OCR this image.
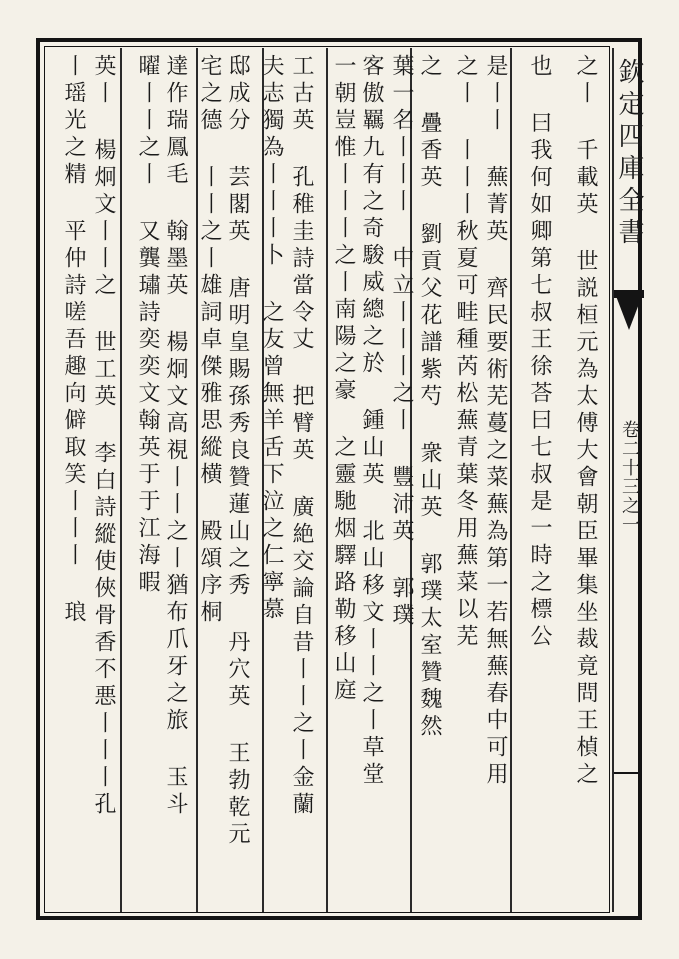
欽定四庫全書
卷二十三之一
之丨 千載英 世説桓元為太傅大會朝臣畢集坐裁竟問王楨之
也 曰我何如卿第七叔王徐荅曰七叔是一時之標公
是丨丨 蕪菁英 齊民要術芜蔓之菜蕪為第一若無蕪春中可用
之丨 丨丨丨秋夏可畦種芮松蕪青葉冬用蕪菜以芜
之 疊香英 劉貢父花譜紫芍 衆山英 郭璞太室贊魏然
葉一名丨丨丨 中立丨丨丨之丨 豐沛英 郭璞
客傲羈九有之奇駿威總之於 鍾山英 北山移文丨丨之丨草堂
一朝豈惟丨丨丨之丨南陽之豪 之靈馳烟驛路勒移山庭
工古英 孔稚圭詩當令丈 把臂英 廣絶交論自昔丨丨之丨金蘭
夫志獨為丨丨丨卜 之友曾無羊舌下泣之仁寧慕
邸成分 芸閣英 唐明皇賜孫秀良贊蓮山之秀 丹穴英 王勃乾元
宅之德 丨丨之丨雄詞卓傑雅思縱横 殿頌序桐
達作瑞鳳毛 翰墨英 楊炯文高視丨丨之丨猶布爪牙之旅 玉斗
曜丨丨之丨 又龔璛詩奕奕文翰英于于江海暇
英丨 楊炯文丨丨之 世工英 李白詩縱使俠骨香不悪丨丨丨孔
丨瑶光之精 平仲詩嗟吾趣向僻取笑丨丨丨 琅
